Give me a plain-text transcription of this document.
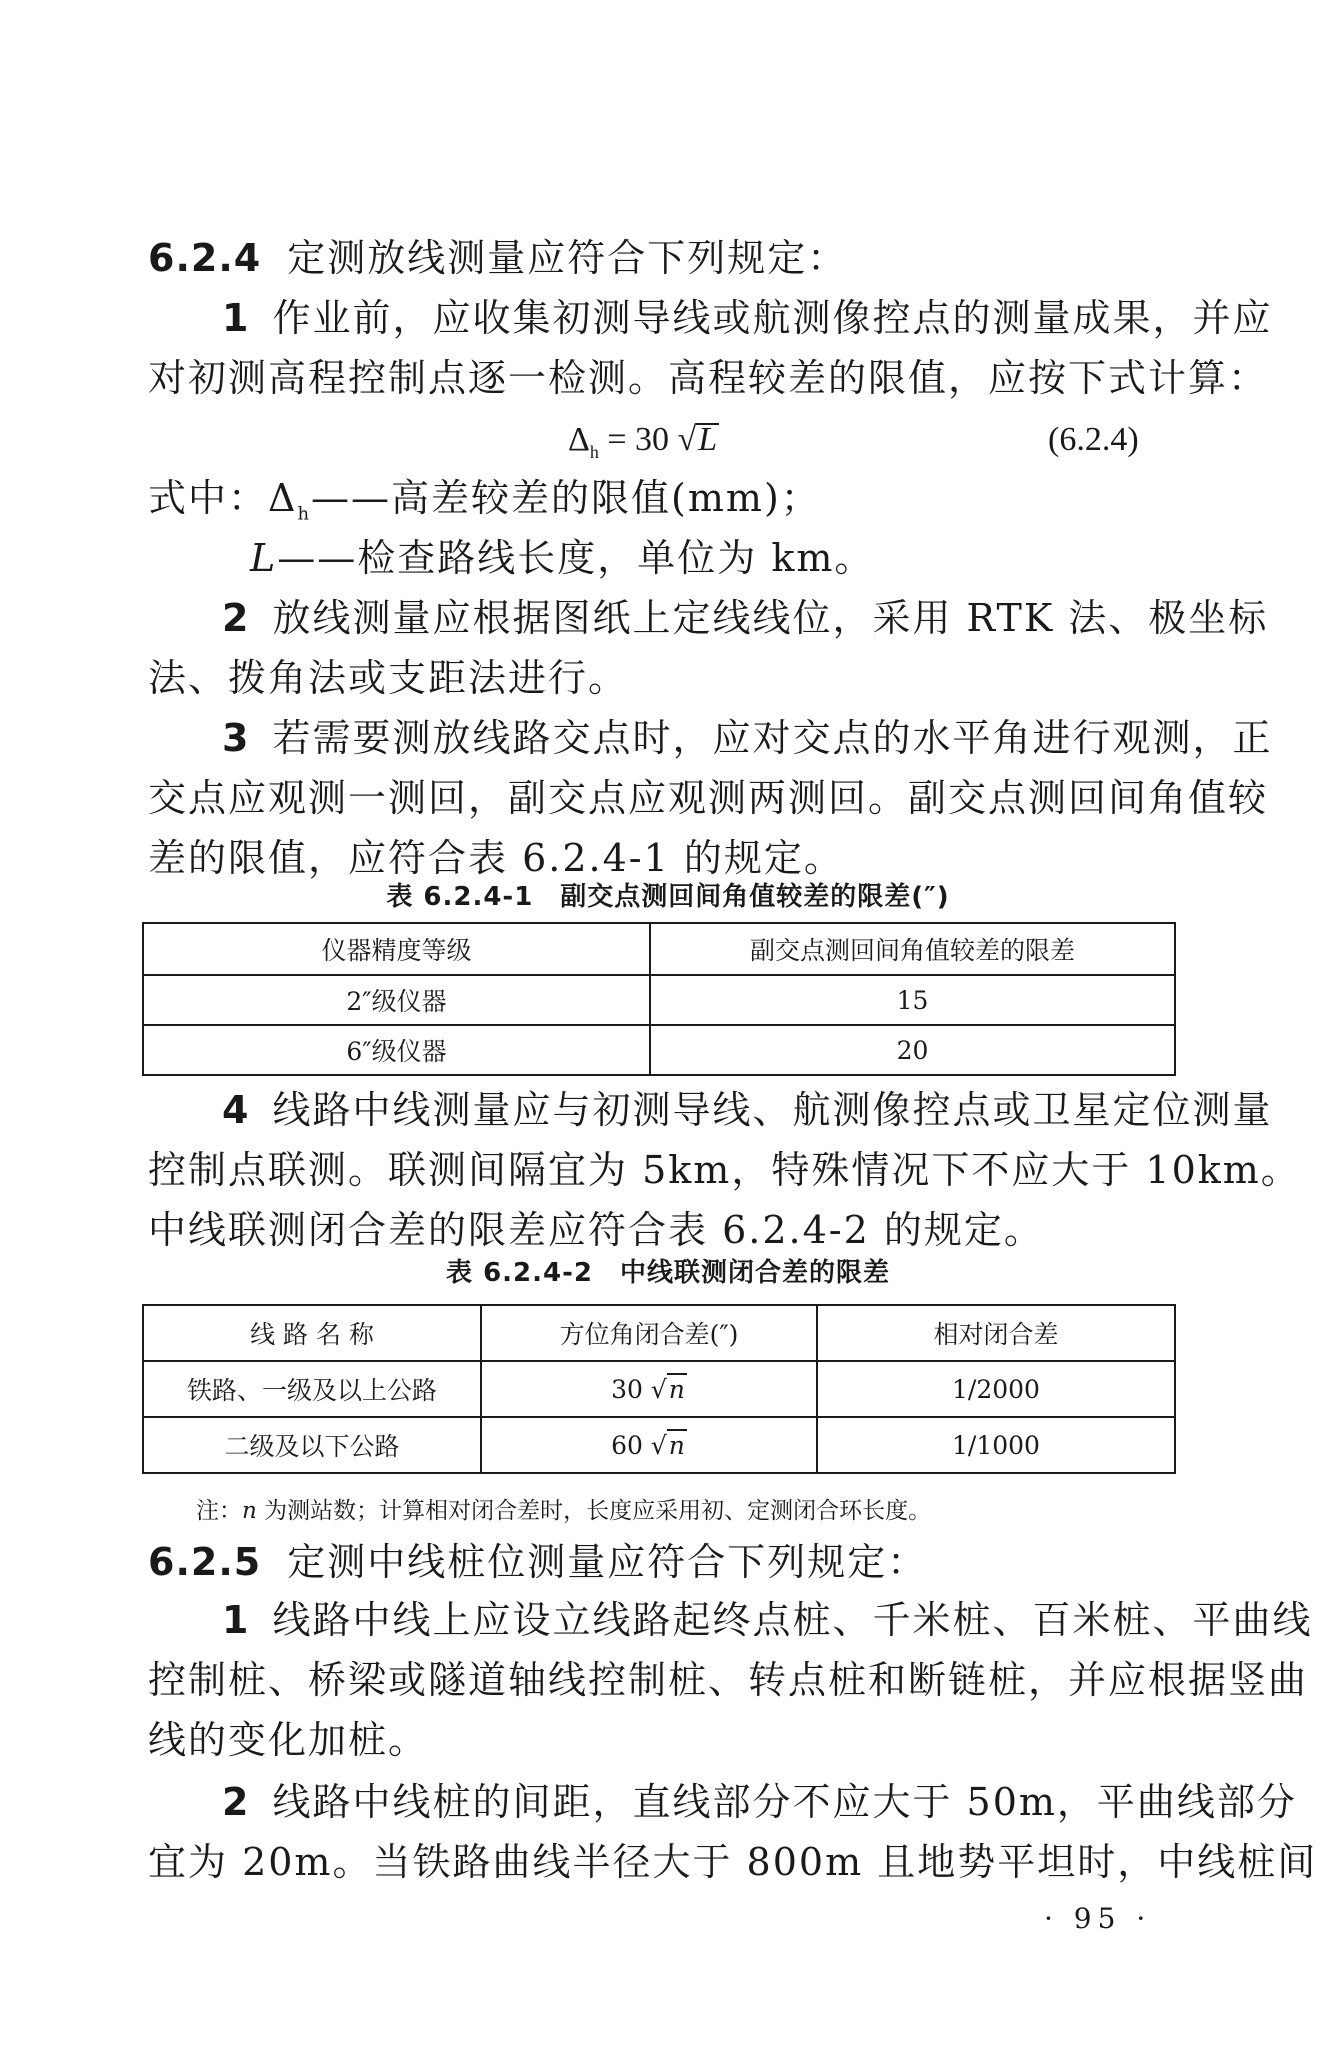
6.2.4 定测放线测量应符合下列规定：
1 作业前，应收集初测导线或航测像控点的测量成果，并应
对初测高程控制点逐一检测。高程较差的限值，应按下式计算：
$\Delta_h = 30$ √L	(6.2.4)
式中：$\Delta_h——$高差较差的限值(mm)；
L——检查路线长度，单位为 km。
2 放线测量应根据图纸上定线线位，采用 RTK 法、极坐标
法、拨角法或支距法进行。
3 若需要测放线路交点时，应对交点的水平角进行观测，正
交点应观测一测回，副交点应观测两测回。副交点测回间角值较
差的限值，应符合表 6.2.4-1 的规定。
表 6.2.4-1　副交点测回间角值较差的限差(″)
仪器精度等级	副交点测回间角值较差的限差
2″级仪器	15
6″级仪器	20
4 线路中线测量应与初测导线、航测像控点或卫星定位测量
控制点联测。联测间隔宜为 5km，特殊情况下不应大于 10km。
中线联测闭合差的限差应符合表 6.2.4-2 的规定。
表 6.2.4-2　中线联测闭合差的限差
线 路 名 称	方位角闭合差(″)	相对闭合差
铁路、一级及以上公路	30 √n	1/2000
二级及以下公路	60 √n	1/1000
注：n 为测站数；计算相对闭合差时，长度应采用初、定测闭合环长度。
6.2.5 定测中线桩位测量应符合下列规定：
1 线路中线上应设立线路起终点桩、千米桩、百米桩、平曲线
控制桩、桥梁或隧道轴线控制桩、转点桩和断链桩，并应根据竖曲
线的变化加桩。
2 线路中线桩的间距，直线部分不应大于 50m，平曲线部分
宜为 20m。当铁路曲线半径大于 800m 且地势平坦时，中线桩间
· 95 ·
